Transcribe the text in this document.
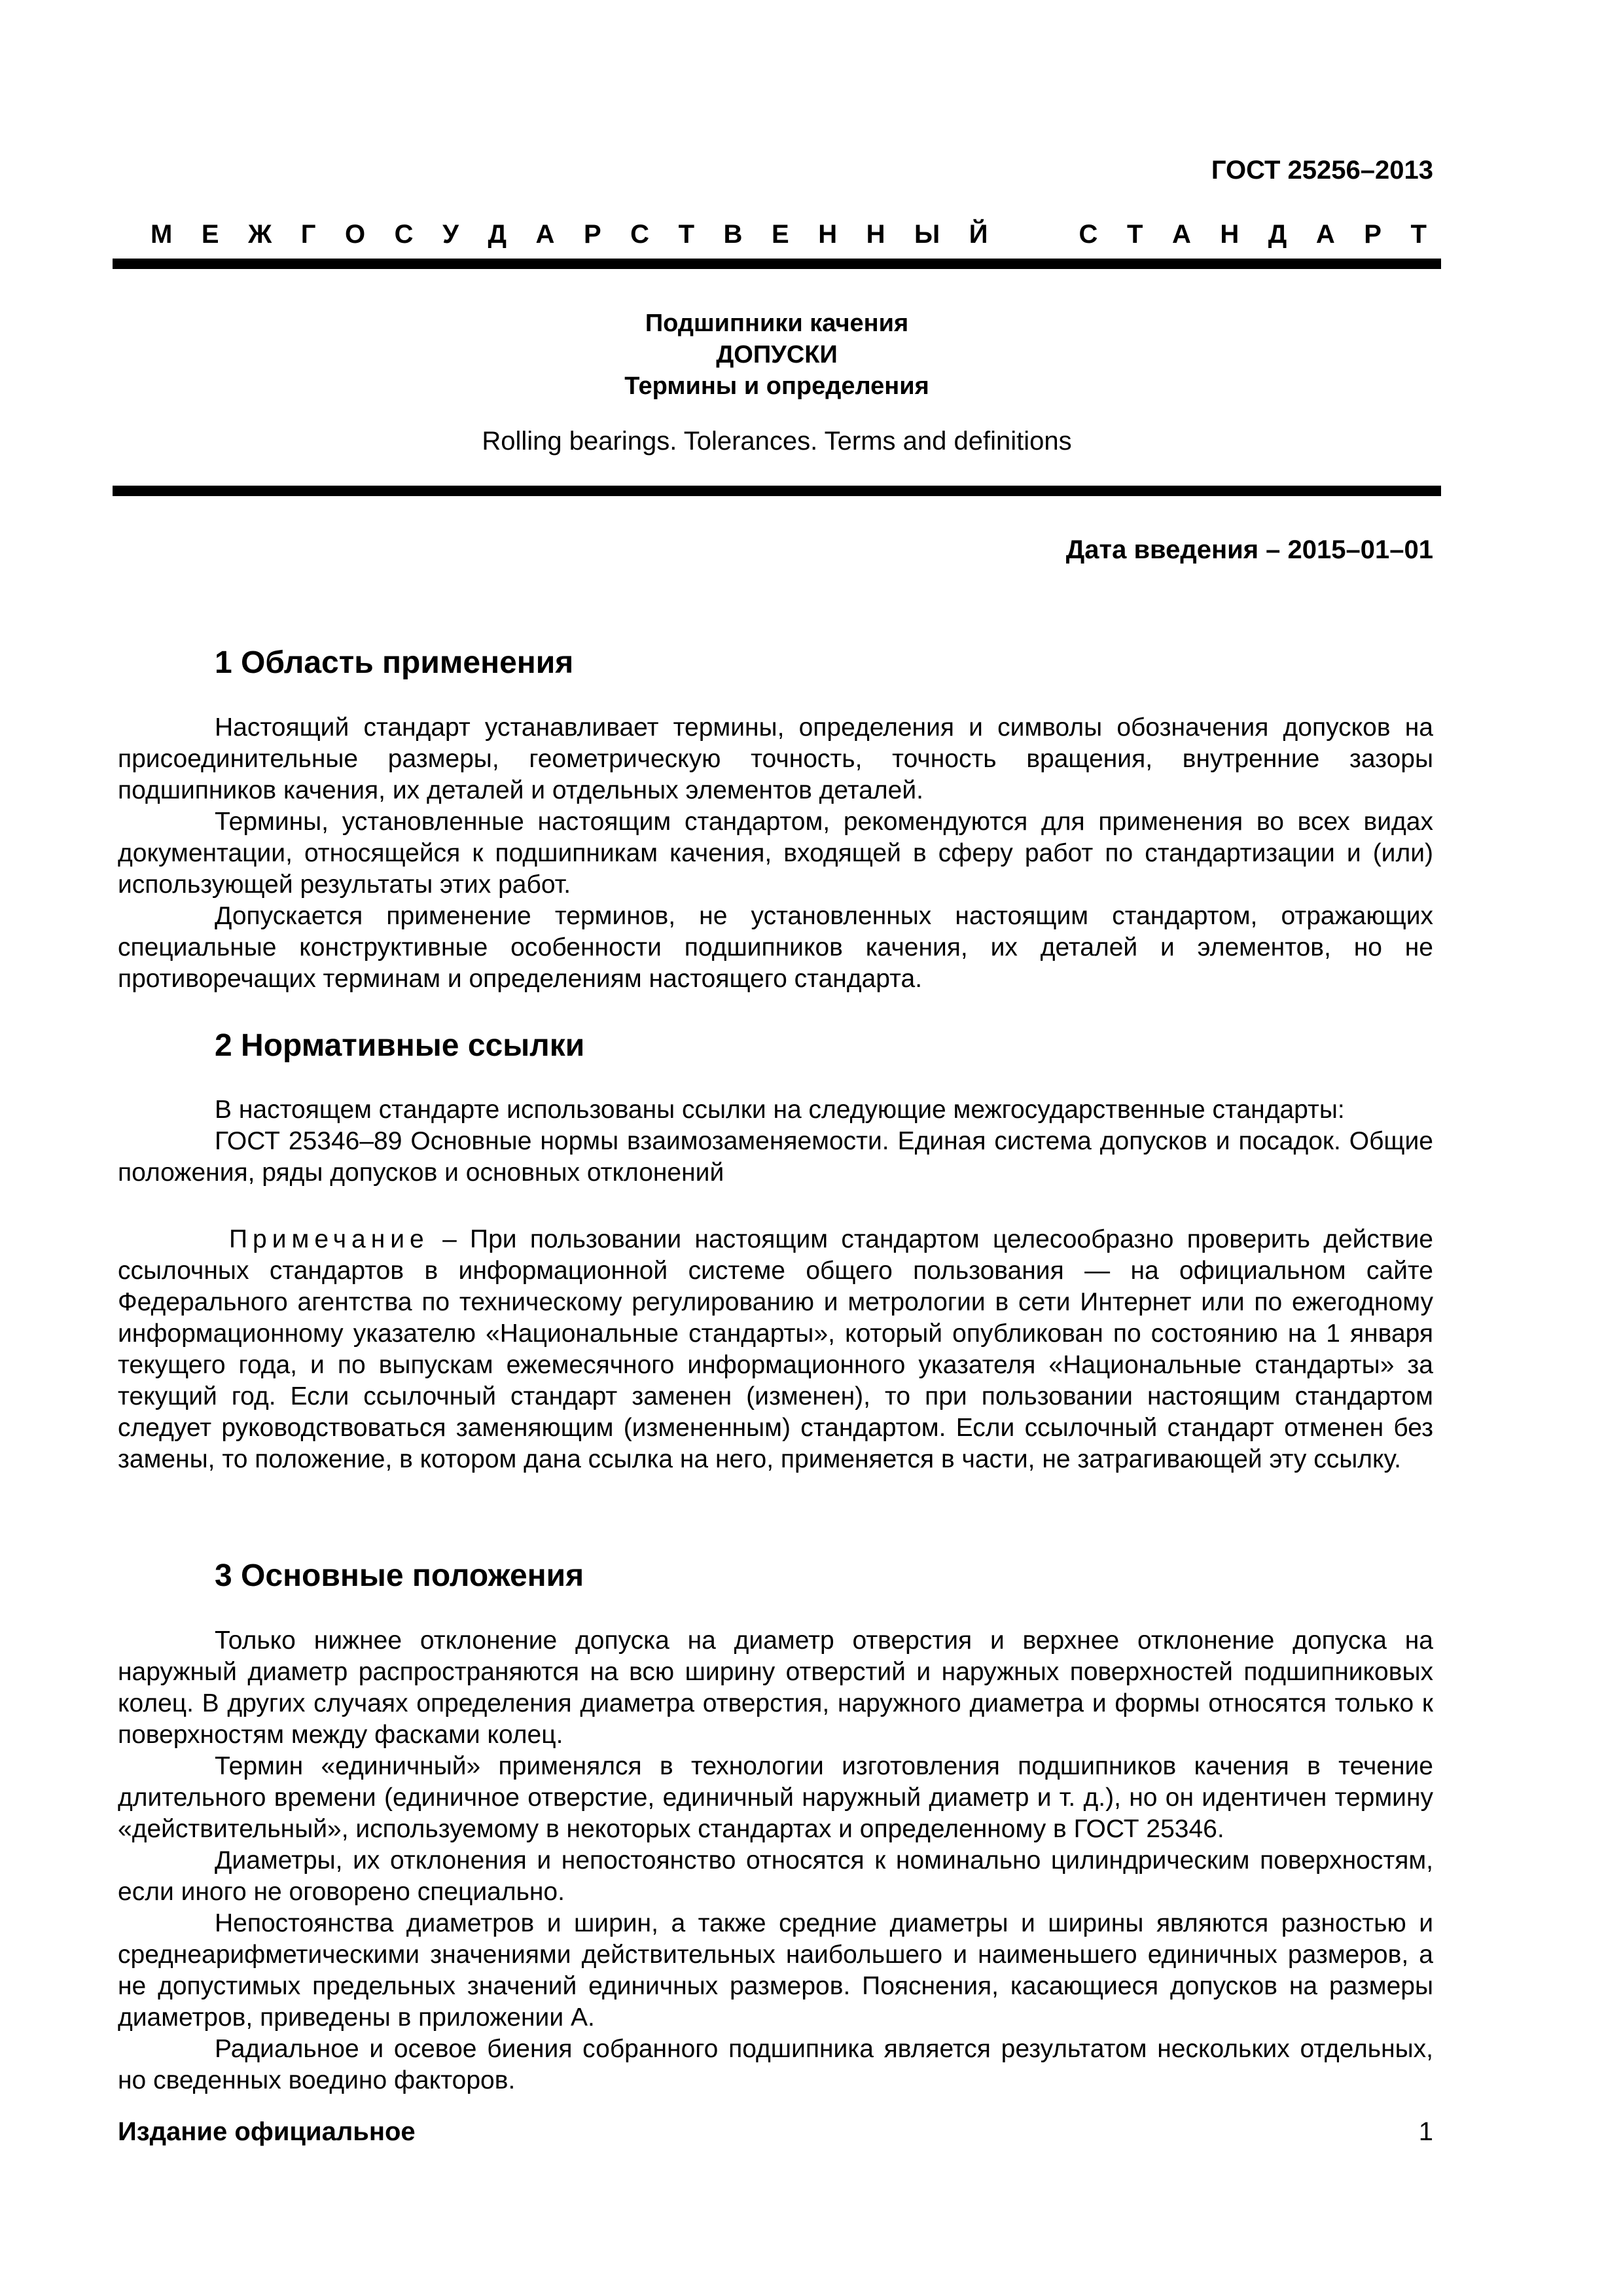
ГОСТ 25256–2013
М Е Ж Г О С У Д А Р С Т В Е Н Н Ы Й	С Т А Н Д А Р Т
Подшипники качения
ДОПУСКИ
Термины и определения
Rolling bearings. Tolerances. Terms and definitions
Дата введения – 2015–01–01
1 Область применения

Настоящий стандарт устанавливает термины, определения и символы обозначения допусков на присоединительные размеры, геометрическую точность, точность вращения, внутренние зазоры подшипников качения, их деталей и отдельных элементов деталей.

Термины, установленные настоящим стандартом, рекомендуются для применения во всех видах документации, относящейся к подшипникам качения, входящей в сферу работ по стандартизации и (или) использующей результаты этих работ.

Допускается применение терминов, не установленных настоящим стандартом, отражающих специальные конструктивные особенности подшипников качения, их деталей и элементов, но не противоречащих терминам и определениям настоящего стандарта.

2 Нормативные ссылки

В настоящем стандарте использованы ссылки на следующие межгосударственные стандарты:

ГОСТ 25346–89 Основные нормы взаимозаменяемости. Единая система допусков и посадок. Общие положения, ряды допусков и основных отклонений

Примечание – При пользовании настоящим стандартом целесообразно проверить действие ссылочных стандартов в информационной системе общего пользования — на официальном сайте Федерального агентства по техническому регулированию и метрологии в сети Интернет или по ежегодному информационному указателю «Национальные стандарты», который опубликован по состоянию на 1 января текущего года, и по выпускам ежемесячного информационного указателя «Национальные стандарты» за текущий год. Если ссылочный стандарт заменен (изменен), то при пользовании настоящим стандартом следует руководствоваться заменяющим (измененным) стандартом. Если ссылочный стандарт отменен без замены, то положение, в котором дана ссылка на него, применяется в части, не затрагивающей эту ссылку.

3 Основные положения

Только нижнее отклонение допуска на диаметр отверстия и верхнее отклонение допуска на наружный диаметр распространяются на всю ширину отверстий и наружных поверхностей подшипниковых колец. В других случаях определения диаметра отверстия, наружного диаметра и формы относятся только к поверхностям между фасками колец.

Термин «единичный» применялся в технологии изготовления подшипников качения в течение длительного времени (единичное отверстие, единичный наружный диаметр и т. д.), но он идентичен термину «действительный», используемому в некоторых стандартах и определенному в ГОСТ 25346.

Диаметры, их отклонения и непостоянство относятся к номинально цилиндрическим поверхностям, если иного не оговорено специально.

Непостоянства диаметров и ширин, а также средние диаметры и ширины являются разностью и среднеарифметическими значениями действительных наибольшего и наименьшего единичных размеров, а не допустимых предельных значений единичных размеров. Пояснения, касающиеся допусков на размеры диаметров, приведены в приложении А.

Радиальное и осевое биения собранного подшипника является результатом нескольких отдельных, но сведенных воедино факторов.

Издание официальное	1
